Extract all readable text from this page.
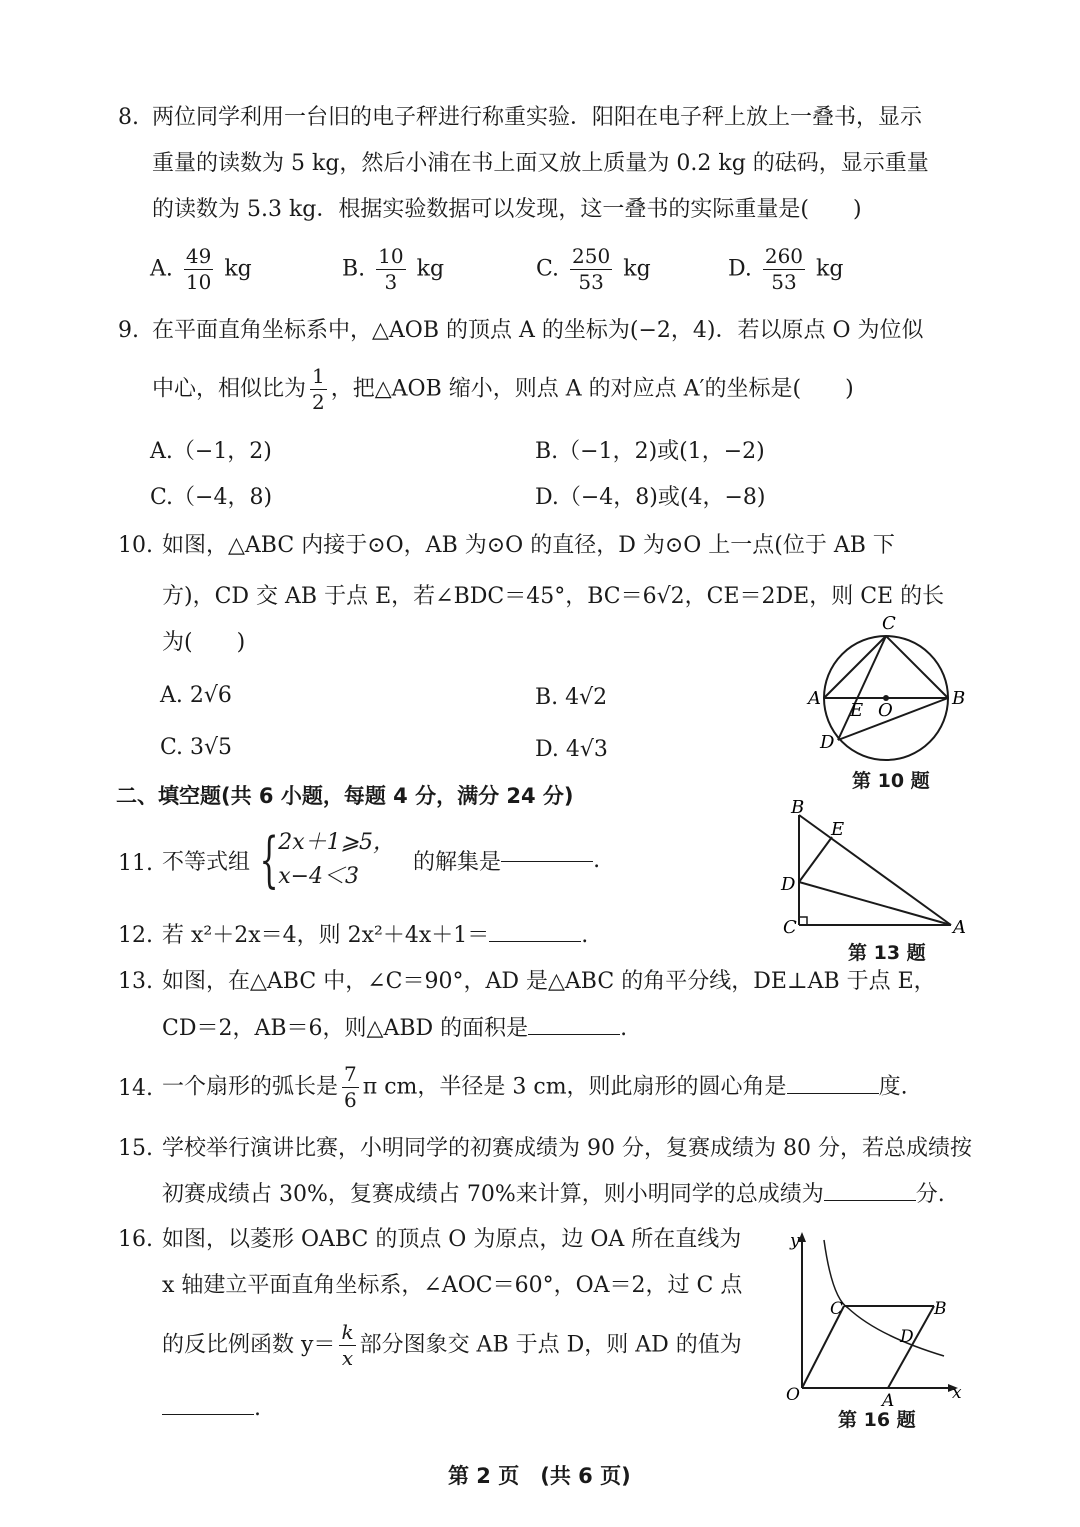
8. 两位同学利用一台旧的电子秤进行称重实验．阳阳在电子秤上放上一叠书，显示
重量的读数为 5 kg，然后小浦在书上面又放上质量为 0.2 kg 的砝码，显示重量
的读数为 5.3 kg．根据实验数据可以发现，这一叠书的实际重量是(　　)
A. $\frac{49}{10}$ kg	B. $\frac{10}{3}$ kg	C. $\frac{250}{53}$ kg	D. $\frac{260}{53}$ kg
9. 在平面直角坐标系中，△AOB 的顶点 A 的坐标为(−2，4)．若以原点 O 为位似
中心，相似比为 $\frac{1}{2}$ ，把△AOB 缩小，则点 A 的对应点 A′的坐标是(　　)
A.（−1，2)	B.（−1，2)或(1，−2)
C.（−4，8)	D.（−4，8)或(4，−8)
10. 如图，△ABC 内接于⊙O，AB 为⊙O 的直径，D 为⊙O 上一点(位于 AB 下
方)，CD 交 AB 于点 E，若∠BDC＝45°，BC＝6√2，CE＝2DE，则 CE 的长
为(　　)
A. 2√6	B. 4√2
C. 3√5	D. 4√3
C
A	B
E O
D
第 10 题
二、填空题(共 6 小题，每题 4 分，满分 24 分)	B
E
D
C	A
第 13 题
11. 不等式组 { 2x＋1⩾5，
x−4＜3
的解集是	.
12. 若 x²＋2x＝4，则 2x²＋4x＋1＝	.
13. 如图，在△ABC 中，∠C＝90°，AD 是△ABC 的角平分线，DE⊥AB 于点 E，
CD＝2，AB＝6，则△ABD 的面积是	.
14. 一个扇形的弧长是 $\frac{7}{6}$ π cm，半径是 3 cm，则此扇形的圆心角是	度.
15. 学校举行演讲比赛，小明同学的初赛成绩为 90 分，复赛成绩为 80 分，若总成绩按
初赛成绩占 30%，复赛成绩占 70%来计算，则小明同学的总成绩为	分.
16. 如图，以菱形 OABC 的顶点 O 为原点，边 OA 所在直线为
x 轴建立平面直角坐标系，∠AOC＝60°，OA＝2，过 C 点
的反比例函数 $y= \frac{k}{x}$ 部分图象交 AB 于点 D，则 AD 的值为
.
y
x
O	A
B
C
D
第 16 题
第 2 页　(共 6 页)
